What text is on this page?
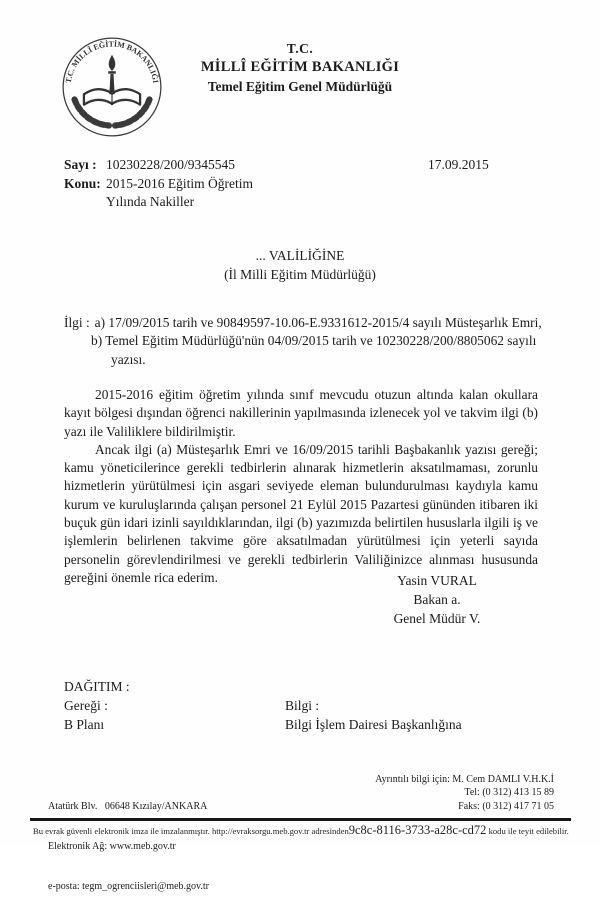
T.C. MİLLÎ EĞİTİM BAKANLIĞI
T.C.
MİLLÎ EĞİTİM BAKANLIĞI
Temel Eğitim Genel Müdürlüğü
Sayı : 10230228/200/9345545
Konu: 2015-2016 Eğitim Öğretim
Yılında Nakiller
17.09.2015
... VALİLİĞİNE
(İl Milli Eğitim Müdürlüğü)
İlgi : a) 17/09/2015 tarih ve 90849597-10.06-E.9331612-2015/4 sayılı Müsteşarlık Emri,
b) Temel Eğitim Müdürlüğü'nün 04/09/2015 tarih ve 10230228/200/8805062 sayılı
yazısı.

2015-2016 eğitim öğretim yılında sınıf mevcudu otuzun altında kalan okullara kayıt bölgesi dışından öğrenci nakillerinin yapılmasında izlenecek yol ve takvim ilgi (b) yazı ile Valiliklere bildirilmiştir.

Ancak ilgi (a) Müsteşarlık Emri ve 16/09/2015 tarihli Başbakanlık yazısı gereği; kamu yöneticilerince gerekli tedbirlerin alınarak hizmetlerin aksatılmaması, zorunlu hizmetlerin yürütülmesi için asgari seviyede eleman bulundurulması kaydıyla kamu kurum ve kuruluşlarında çalışan personel 21 Eylül 2015 Pazartesi gününden itibaren iki buçuk gün idari izinli sayıldıklarından, ilgi (b) yazımızda belirtilen hususlarla ilgili iş ve işlemlerin belirlenen takvime göre aksatılmadan yürütülmesi için yeterli sayıda personelin görevlendirilmesi ve gerekli tedbirlerin Valiliğinizce alınması hususunda gereğini önemle rica ederim.	Yasin VURAL
Bakan a.
Genel Müdür V.
DAĞITIM :
Gereği :
B Planı
Bilgi :
Bilgi İşlem Dairesi Başkanlığına

Atatürk Blv.   06648 Kızılay/ANKARA

Elektronik Ağ: www.meb.gov.tr

e-posta: tegm_ogrenciisleri@meb.gov.tr

Ayrıntılı bilgi için: M. Cem DAMLI V.H.K.İ
Tel: (0 312) 413 15 89
Faks: (0 312) 417 71 05
Bu evrak güvenli elektronik imza ile imzalanmıştır. http://evraksorgu.meb.gov.tr adresinden9c8c-8116-3733-a28c-cd72 kodu ile teyit edilebilir.
